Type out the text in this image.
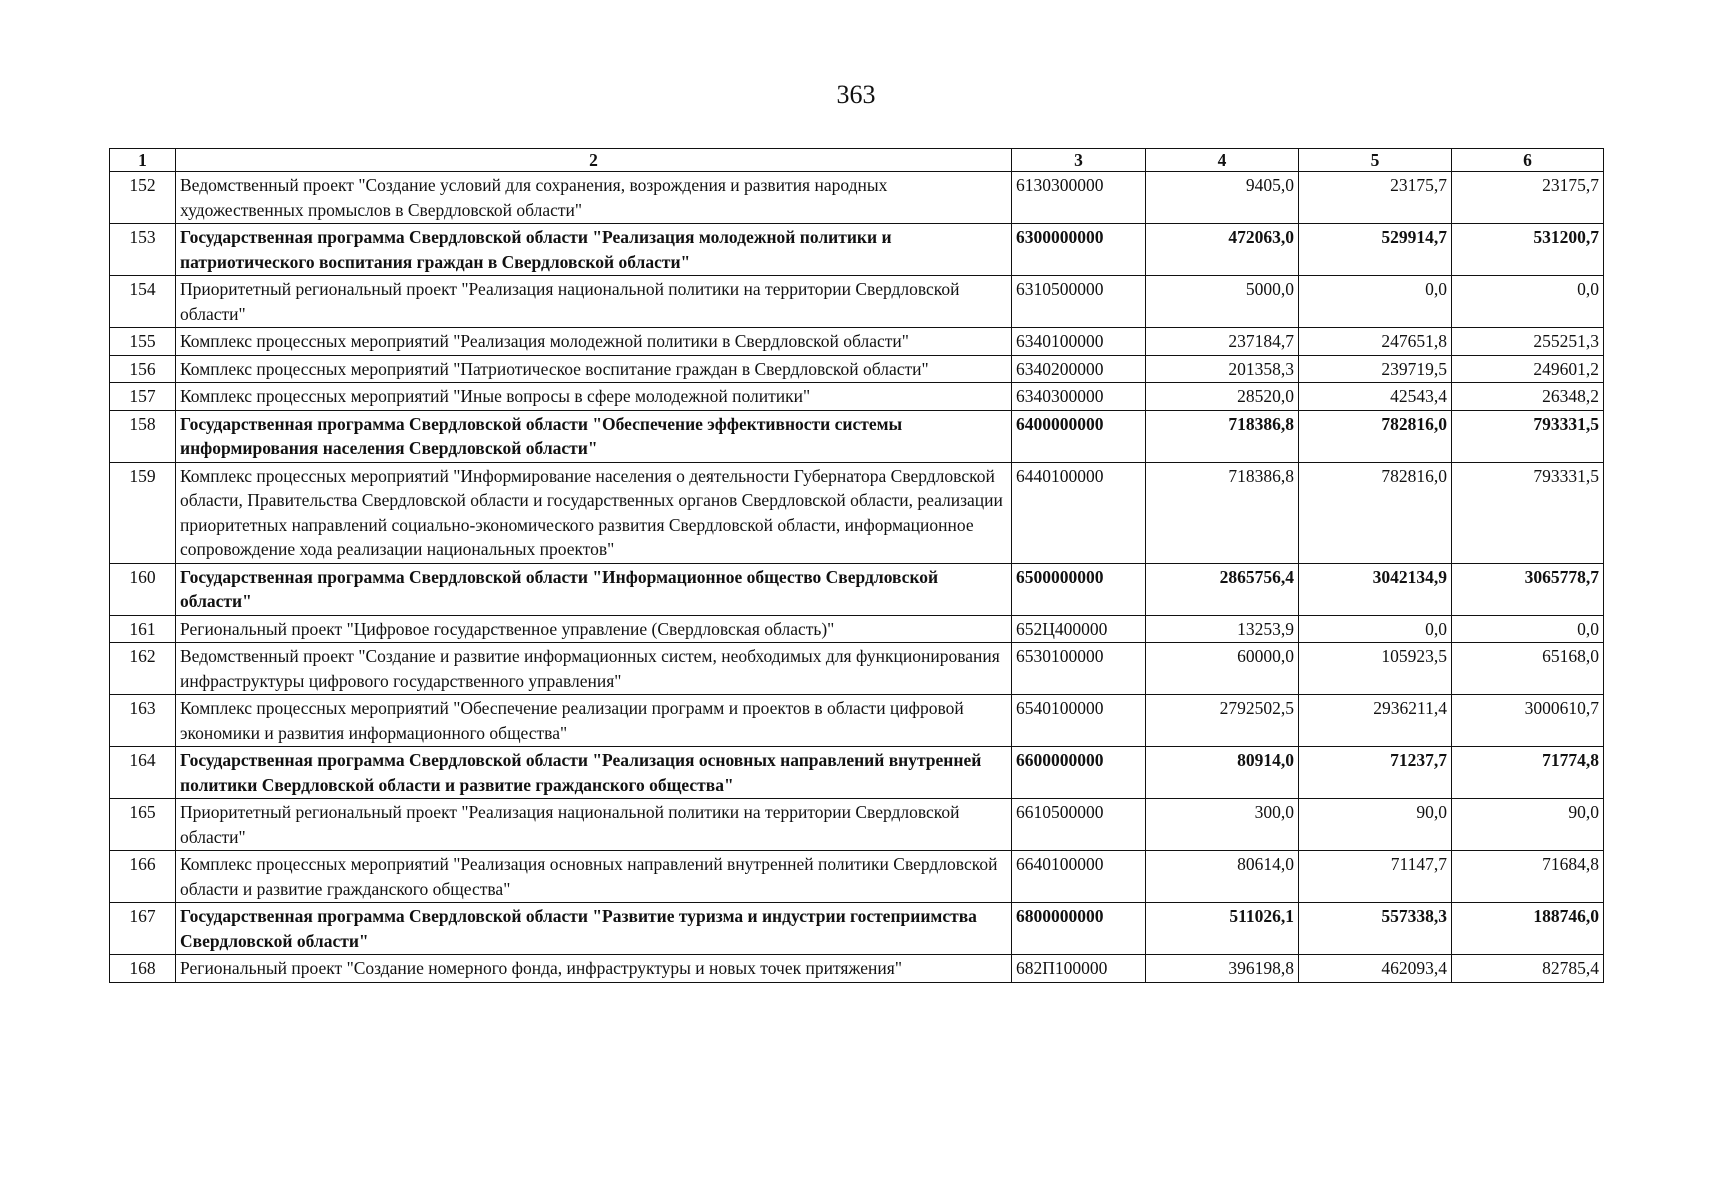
363
1	2	3	4	5	6
152	Ведомственный проект "Создание условий для сохранения, возрождения и развития народных художественных промыслов в Свердловской области"	6130300000	9405,0	23175,7	23175,7
153	Государственная программа Свердловской области "Реализация молодежной политики и патриотического воспитания граждан в Свердловской области"	6300000000	472063,0	529914,7	531200,7
154	Приоритетный региональный проект "Реализация национальной политики на территории Свердловской области"	6310500000	5000,0	0,0	0,0
155	Комплекс процессных мероприятий "Реализация молодежной политики в Свердловской области"	6340100000	237184,7	247651,8	255251,3
156	Комплекс процессных мероприятий "Патриотическое воспитание граждан в Свердловской области"	6340200000	201358,3	239719,5	249601,2
157	Комплекс процессных мероприятий "Иные вопросы в сфере молодежной политики"	6340300000	28520,0	42543,4	26348,2
158	Государственная программа Свердловской области "Обеспечение эффективности системы информирования населения Свердловской области"	6400000000	718386,8	782816,0	793331,5
159	Комплекс процессных мероприятий "Информирование населения о деятельности Губернатора Свердловской области, Правительства Свердловской области и государственных органов Свердловской области, реализации приоритетных направлений социально-экономического развития Свердловской области, информационное сопровождение хода реализации национальных проектов"	6440100000	718386,8	782816,0	793331,5
160	Государственная программа Свердловской области "Информационное общество Свердловской области"	6500000000	2865756,4	3042134,9	3065778,7
161	Региональный проект "Цифровое государственное управление (Свердловская область)"	652Ц400000	13253,9	0,0	0,0
162	Ведомственный проект "Создание и развитие информационных систем, необходимых для функционирования инфраструктуры цифрового государственного управления"	6530100000	60000,0	105923,5	65168,0
163	Комплекс процессных мероприятий "Обеспечение реализации программ и проектов в области цифровой экономики и развития информационного общества"	6540100000	2792502,5	2936211,4	3000610,7
164	Государственная программа Свердловской области "Реализация основных направлений внутренней политики Свердловской области и развитие гражданского общества"	6600000000	80914,0	71237,7	71774,8
165	Приоритетный региональный проект "Реализация национальной политики на территории Свердловской области"	6610500000	300,0	90,0	90,0
166	Комплекс процессных мероприятий "Реализация основных направлений внутренней политики Свердловской области и развитие гражданского общества"	6640100000	80614,0	71147,7	71684,8
167	Государственная программа Свердловской области "Развитие туризма и индустрии гостеприимства Свердловской области"	6800000000	511026,1	557338,3	188746,0
168	Региональный проект "Создание номерного фонда, инфраструктуры и новых точек притяжения"	682П100000	396198,8	462093,4	82785,4
